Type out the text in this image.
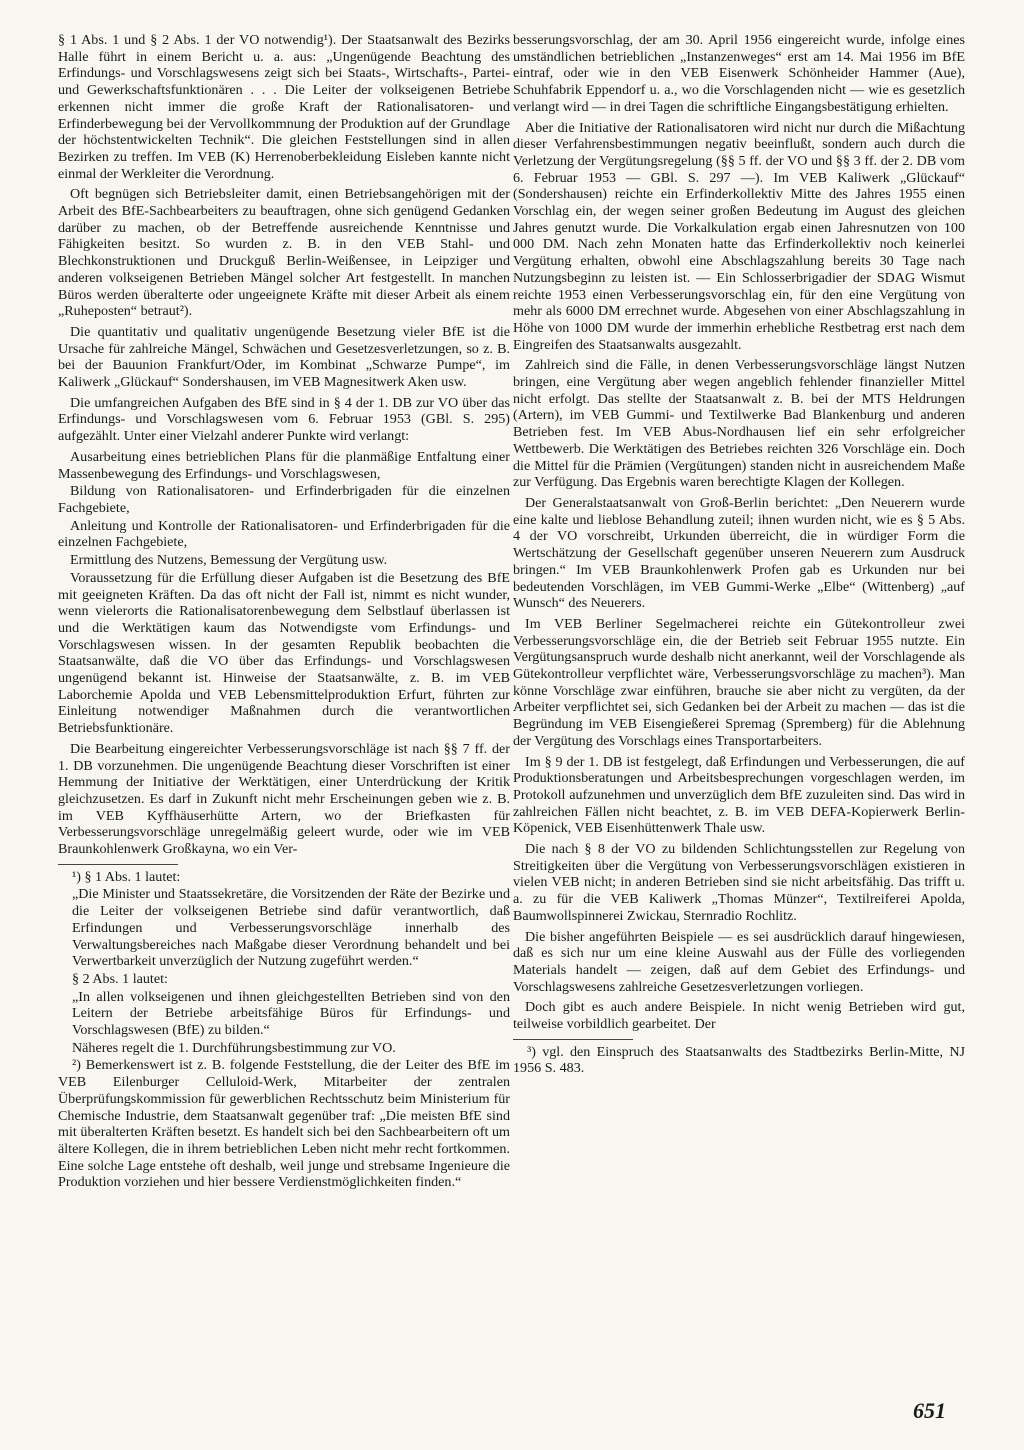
§ 1 Abs. 1 und § 2 Abs. 1 der VO notwendig¹). Der Staatsanwalt des Bezirks Halle führt in einem Bericht u. a. aus: „Ungenügende Beachtung des Erfindungs- und Vorschlagswesens zeigt sich bei Staats-, Wirtschafts-, Partei- und Gewerkschaftsfunktionären . . . Die Leiter der volkseigenen Betriebe erkennen nicht immer die große Kraft der Rationalisatoren- und Erfinderbewegung bei der Vervollkommnung der Produktion auf der Grundlage der höchstentwickelten Technik“. Die gleichen Feststellungen sind in allen Bezirken zu treffen. Im VEB (K) Herrenoberbekleidung Eisleben kannte nicht einmal der Werkleiter die Verordnung.

Oft begnügen sich Betriebsleiter damit, einen Betriebsangehörigen mit der Arbeit des BfE-Sachbearbeiters zu beauftragen, ohne sich genügend Gedanken darüber zu machen, ob der Betreffende ausreichende Kenntnisse und Fähigkeiten besitzt. So wurden z. B. in den VEB Stahl- und Blechkonstruktionen und Druckguß Berlin-Weißensee, in Leipziger und anderen volkseigenen Betrieben Mängel solcher Art festgestellt. In manchen Büros werden überalterte oder ungeeignete Kräfte mit dieser Arbeit als einem „Ruheposten“ betraut²).

Die quantitativ und qualitativ ungenügende Besetzung vieler BfE ist die Ursache für zahlreiche Mängel, Schwächen und Gesetzesverletzungen, so z. B. bei der Bauunion Frankfurt/Oder, im Kombinat „Schwarze Pumpe“, im Kaliwerk „Glückauf“ Sondershausen, im VEB Magnesitwerk Aken usw.

Die umfangreichen Aufgaben des BfE sind in § 4 der 1. DB zur VO über das Erfindungs- und Vorschlagswesen vom 6. Februar 1953 (GBl. S. 295) aufgezählt. Unter einer Vielzahl anderer Punkte wird verlangt:

Ausarbeitung eines betrieblichen Plans für die planmäßige Entfaltung einer Massenbewegung des Erfindungs- und Vorschlagswesen,

Bildung von Rationalisatoren- und Erfinderbrigaden für die einzelnen Fachgebiete,

Anleitung und Kontrolle der Rationalisatoren- und Erfinderbrigaden für die einzelnen Fachgebiete,

Ermittlung des Nutzens, Bemessung der Vergütung usw.

Voraussetzung für die Erfüllung dieser Aufgaben ist die Besetzung des BfE mit geeigneten Kräften. Da das oft nicht der Fall ist, nimmt es nicht wunder, wenn vielerorts die Rationalisatorenbewegung dem Selbstlauf überlassen ist und die Werktätigen kaum das Notwendigste vom Erfindungs- und Vorschlagswesen wissen. In der gesamten Republik beobachten die Staatsanwälte, daß die VO über das Erfindungs- und Vorschlagswesen ungenügend bekannt ist. Hinweise der Staatsanwälte, z. B. im VEB Laborchemie Apolda und VEB Lebensmittelproduktion Erfurt, führten zur Einleitung notwendiger Maßnahmen durch die verantwortlichen Betriebsfunktionäre.

Die Bearbeitung eingereichter Verbesserungsvorschläge ist nach §§ 7 ff. der 1. DB vorzunehmen. Die ungenügende Beachtung dieser Vorschriften ist einer Hemmung der Initiative der Werktätigen, einer Unterdrückung der Kritik gleichzusetzen. Es darf in Zukunft nicht mehr Erscheinungen geben wie z. B. im VEB Kyffhäuserhütte Artern, wo der Briefkasten für Verbesserungsvorschläge unregelmäßig geleert wurde, oder wie im VEB Braunkohlenwerk Großkayna, wo ein Ver-

¹) § 1 Abs. 1 lautet:

„Die Minister und Staatssekretäre, die Vorsitzenden der Räte der Bezirke und die Leiter der volkseigenen Betriebe sind dafür verantwortlich, daß Erfindungen und Verbesserungsvorschläge innerhalb des Verwaltungsbereiches nach Maßgabe dieser Verordnung behandelt und bei Verwertbarkeit unverzüglich der Nutzung zugeführt werden.“

§ 2 Abs. 1 lautet:

„In allen volkseigenen und ihnen gleichgestellten Betrieben sind von den Leitern der Betriebe arbeitsfähige Büros für Erfindungs- und Vorschlagswesen (BfE) zu bilden.“

Näheres regelt die 1. Durchführungsbestimmung zur VO.

²) Bemerkenswert ist z. B. folgende Feststellung, die der Leiter des BfE im VEB Eilenburger Celluloid-Werk, Mitarbeiter der zentralen Überprüfungskommission für gewerblichen Rechtsschutz beim Ministerium für Chemische Industrie, dem Staatsanwalt gegenüber traf: „Die meisten BfE sind mit überalterten Kräften besetzt. Es handelt sich bei den Sachbearbeitern oft um ältere Kollegen, die in ihrem betrieblichen Leben nicht mehr recht fortkommen. Eine solche Lage entstehe oft deshalb, weil junge und strebsame Ingenieure die Produktion vorziehen und hier bessere Verdienstmöglichkeiten finden.“

besserungsvorschlag, der am 30. April 1956 eingereicht wurde, infolge eines umständlichen betrieblichen „Instanzenweges“ erst am 14. Mai 1956 im BfE eintraf, oder wie in den VEB Eisenwerk Schönheider Hammer (Aue), Schuhfabrik Eppendorf u. a., wo die Vorschlagenden nicht — wie es gesetzlich verlangt wird — in drei Tagen die schriftliche Eingangsbestätigung erhielten.

Aber die Initiative der Rationalisatoren wird nicht nur durch die Mißachtung dieser Verfahrensbestimmungen negativ beeinflußt, sondern auch durch die Verletzung der Vergütungsregelung (§§ 5 ff. der VO und §§ 3 ff. der 2. DB vom 6. Februar 1953 — GBl. S. 297 —). Im VEB Kaliwerk „Glückauf“ (Sondershausen) reichte ein Erfinderkollektiv Mitte des Jahres 1955 einen Vorschlag ein, der wegen seiner großen Bedeutung im August des gleichen Jahres genutzt wurde. Die Vorkalkulation ergab einen Jahresnutzen von 100 000 DM. Nach zehn Monaten hatte das Erfinderkollektiv noch keinerlei Vergütung erhalten, obwohl eine Abschlagszahlung bereits 30 Tage nach Nutzungsbeginn zu leisten ist. — Ein Schlosserbrigadier der SDAG Wismut reichte 1953 einen Verbesserungsvorschlag ein, für den eine Vergütung von mehr als 6000 DM errechnet wurde. Abgesehen von einer Abschlagszahlung in Höhe von 1000 DM wurde der immerhin erhebliche Restbetrag erst nach dem Eingreifen des Staatsanwalts ausgezahlt.

Zahlreich sind die Fälle, in denen Verbesserungsvorschläge längst Nutzen bringen, eine Vergütung aber wegen angeblich fehlender finanzieller Mittel nicht erfolgt. Das stellte der Staatsanwalt z. B. bei der MTS Heldrungen (Artern), im VEB Gummi- und Textilwerke Bad Blankenburg und anderen Betrieben fest. Im VEB Abus-Nordhausen lief ein sehr erfolgreicher Wettbewerb. Die Werktätigen des Betriebes reichten 326 Vorschläge ein. Doch die Mittel für die Prämien (Vergütungen) standen nicht in ausreichendem Maße zur Verfügung. Das Ergebnis waren berechtigte Klagen der Kollegen.

Der Generalstaatsanwalt von Groß-Berlin berichtet: „Den Neuerern wurde eine kalte und lieblose Behandlung zuteil; ihnen wurden nicht, wie es § 5 Abs. 4 der VO vorschreibt, Urkunden überreicht, die in würdiger Form die Wertschätzung der Gesellschaft gegenüber unseren Neuerern zum Ausdruck bringen.“ Im VEB Braunkohlenwerk Profen gab es Urkunden nur bei bedeutenden Vorschlägen, im VEB Gummi-Werke „Elbe“ (Wittenberg) „auf Wunsch“ des Neuerers.

Im VEB Berliner Segelmacherei reichte ein Gütekontrolleur zwei Verbesserungsvorschläge ein, die der Betrieb seit Februar 1955 nutzte. Ein Vergütungsanspruch wurde deshalb nicht anerkannt, weil der Vorschlagende als Gütekontrolleur verpflichtet wäre, Verbesserungsvorschläge zu machen³). Man könne Vorschläge zwar einführen, brauche sie aber nicht zu vergüten, da der Arbeiter verpflichtet sei, sich Gedanken bei der Arbeit zu machen — das ist die Begründung im VEB Eisengießerei Spremag (Spremberg) für die Ablehnung der Vergütung des Vorschlags eines Transportarbeiters.

Im § 9 der 1. DB ist festgelegt, daß Erfindungen und Verbesserungen, die auf Produktionsberatungen und Arbeitsbesprechungen vorgeschlagen werden, im Protokoll aufzunehmen und unverzüglich dem BfE zuzuleiten sind. Das wird in zahlreichen Fällen nicht beachtet, z. B. im VEB DEFA-Kopierwerk Berlin-Köpenick, VEB Eisenhüttenwerk Thale usw.

Die nach § 8 der VO zu bildenden Schlichtungsstellen zur Regelung von Streitigkeiten über die Vergütung von Verbesserungsvorschlägen existieren in vielen VEB nicht; in anderen Betrieben sind sie nicht arbeitsfähig. Das trifft u. a. zu für die VEB Kaliwerk „Thomas Münzer“, Textilreiferei Apolda, Baumwollspinnerei Zwickau, Sternradio Rochlitz.

Die bisher angeführten Beispiele — es sei ausdrücklich darauf hingewiesen, daß es sich nur um eine kleine Auswahl aus der Fülle des vorliegenden Materials handelt — zeigen, daß auf dem Gebiet des Erfindungs- und Vorschlagswesens zahlreiche Gesetzesverletzungen vorliegen.

Doch gibt es auch andere Beispiele. In nicht wenig Betrieben wird gut, teilweise vorbildlich gearbeitet. Der

³) vgl. den Einspruch des Staatsanwalts des Stadtbezirks Berlin-Mitte, NJ 1956 S. 483.

651
